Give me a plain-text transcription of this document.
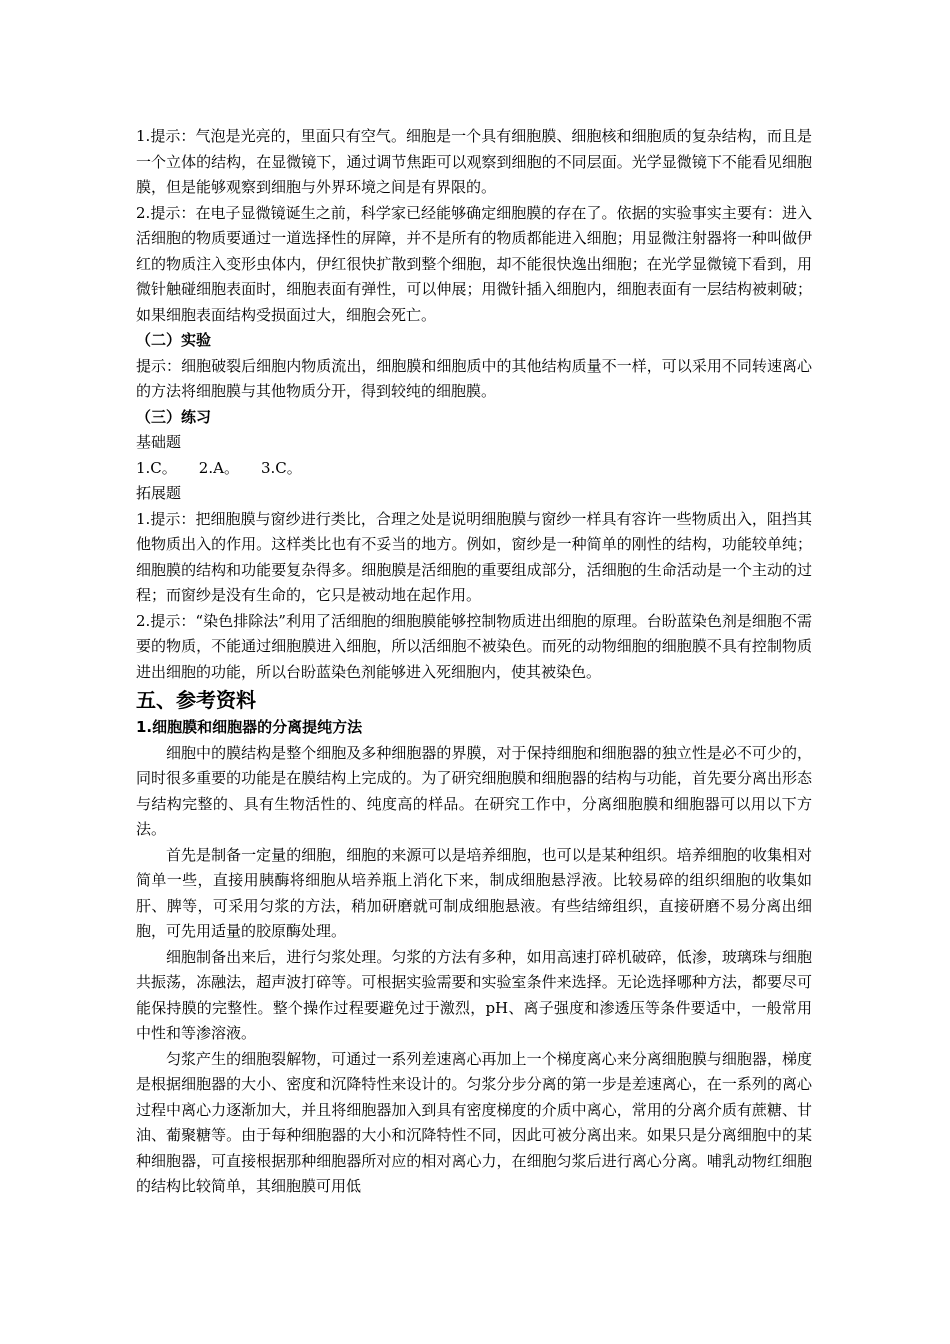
1.提示：气泡是光亮的，里面只有空气。细胞是一个具有细胞膜、细胞核和细胞质的复杂结构，而且是一个立体的结构，在显微镜下，通过调节焦距可以观察到细胞的不同层面。光学显微镜下不能看见细胞膜，但是能够观察到细胞与外界环境之间是有界限的。

2.提示：在电子显微镜诞生之前，科学家已经能够确定细胞膜的存在了。依据的实验事实主要有：进入活细胞的物质要通过一道选择性的屏障，并不是所有的物质都能进入细胞；用显微注射器将一种叫做伊红的物质注入变形虫体内，伊红很快扩散到整个细胞，却不能很快逸出细胞；在光学显微镜下看到，用微针触碰细胞表面时，细胞表面有弹性，可以伸展；用微针插入细胞内，细胞表面有一层结构被刺破；如果细胞表面结构受损面过大，细胞会死亡。

（二）实验

提示：细胞破裂后细胞内物质流出，细胞膜和细胞质中的其他结构质量不一样，可以采用不同转速离心的方法将细胞膜与其他物质分开，得到较纯的细胞膜。

（三）练习

基础题

1.C。 2.A。 3.C。

拓展题

1.提示：把细胞膜与窗纱进行类比，合理之处是说明细胞膜与窗纱一样具有容许一些物质出入，阻挡其他物质出入的作用。这样类比也有不妥当的地方。例如，窗纱是一种简单的刚性的结构，功能较单纯；细胞膜的结构和功能要复杂得多。细胞膜是活细胞的重要组成部分，活细胞的生命活动是一个主动的过程；而窗纱是没有生命的，它只是被动地在起作用。

2.提示：“染色排除法”利用了活细胞的细胞膜能够控制物质进出细胞的原理。台盼蓝染色剂是细胞不需要的物质，不能通过细胞膜进入细胞，所以活细胞不被染色。而死的动物细胞的细胞膜不具有控制物质进出细胞的功能，所以台盼蓝染色剂能够进入死细胞内，使其被染色。

五、参考资料

1.细胞膜和细胞器的分离提纯方法

细胞中的膜结构是整个细胞及多种细胞器的界膜，对于保持细胞和细胞器的独立性是必不可少的，同时很多重要的功能是在膜结构上完成的。为了研究细胞膜和细胞器的结构与功能，首先要分离出形态与结构完整的、具有生物活性的、纯度高的样品。在研究工作中，分离细胞膜和细胞器可以用以下方法。

首先是制备一定量的细胞，细胞的来源可以是培养细胞，也可以是某种组织。培养细胞的收集相对简单一些，直接用胰酶将细胞从培养瓶上消化下来，制成细胞悬浮液。比较易碎的组织细胞的收集如肝、脾等，可采用匀浆的方法，稍加研磨就可制成细胞悬液。有些结缔组织，直接研磨不易分离出细胞，可先用适量的胶原酶处理。

细胞制备出来后，进行匀浆处理。匀浆的方法有多种，如用高速打碎机破碎，低渗，玻璃珠与细胞共振荡，冻融法，超声波打碎等。可根据实验需要和实验室条件来选择。无论选择哪种方法，都要尽可能保持膜的完整性。整个操作过程要避免过于激烈，pH、离子强度和渗透压等条件要适中，一般常用中性和等渗溶液。

匀浆产生的细胞裂解物，可通过一系列差速离心再加上一个梯度离心来分离细胞膜与细胞器，梯度是根据细胞器的大小、密度和沉降特性来设计的。匀浆分步分离的第一步是差速离心，在一系列的离心过程中离心力逐渐加大，并且将细胞器加入到具有密度梯度的介质中离心，常用的分离介质有蔗糖、甘油、葡聚糖等。由于每种细胞器的大小和沉降特性不同，因此可被分离出来。如果只是分离细胞中的某种细胞器，可直接根据那种细胞器所对应的相对离心力，在细胞匀浆后进行离心分离。哺乳动物红细胞的结构比较简单，其细胞膜可用低
